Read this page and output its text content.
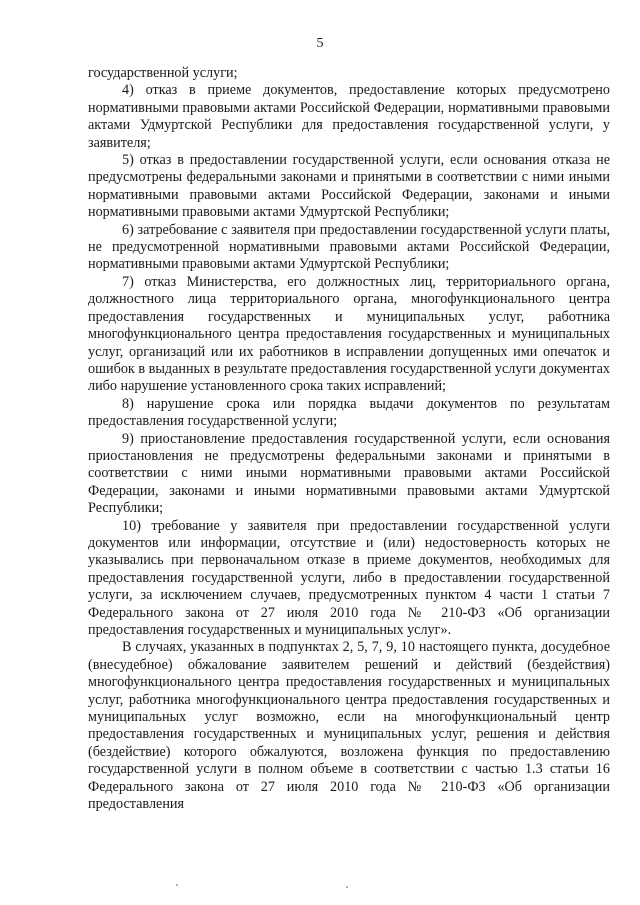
5

государственной услуги;

4) отказ в приеме документов, предоставление которых предусмотрено нормативными правовыми актами Российской Федерации, нормативными правовыми актами Удмуртской Республики для предоставления государственной услуги, у заявителя;

5) отказ в предоставлении государственной услуги, если основания отказа не предусмотрены федеральными законами и принятыми в соответствии с ними иными нормативными правовыми актами Российской Федерации, законами и иными нормативными правовыми актами Удмуртской Республики;

6) затребование с заявителя при предоставлении государственной услуги платы, не предусмотренной нормативными правовыми актами Российской Федерации, нормативными правовыми актами Удмуртской Республики;

7) отказ Министерства, его должностных лиц, территориального органа, должностного лица территориального органа, многофункционального центра предоставления государственных и муниципальных услуг, работника многофункционального центра предоставления государственных и муниципальных услуг, организаций или их работников в исправлении допущенных ими опечаток и ошибок в выданных в результате предоставления государственной услуги документах либо нарушение установленного срока таких исправлений;

8) нарушение срока или порядка выдачи документов по результатам предоставления государственной услуги;

9) приостановление предоставления государственной услуги, если основания приостановления не предусмотрены федеральными законами и принятыми в соответствии с ними иными нормативными правовыми актами Российской Федерации, законами и иными нормативными правовыми актами Удмуртской Республики;

10) требование у заявителя при предоставлении государственной услуги документов или информации, отсутствие и (или) недостоверность которых не указывались при первоначальном отказе в приеме документов, необходимых для предоставления государственной услуги, либо в предоставлении государственной услуги, за исключением случаев, предусмотренных пунктом 4 части 1 статьи 7 Федерального закона от 27 июля 2010 года № 210-ФЗ «Об организации предоставления государственных и муниципальных услуг».

В случаях, указанных в подпунктах 2, 5, 7, 9, 10 настоящего пункта, досудебное (внесудебное) обжалование заявителем решений и действий (бездействия) многофункционального центра предоставления государственных и муниципальных услуг, работника многофункционального центра предоставления государственных и муниципальных услуг возможно, если на многофункциональный центр предоставления государственных и муниципальных услуг, решения и действия (бездействие) которого обжалуются, возложена функция по предоставлению государственной услуги в полном объеме в соответствии с частью 1.3 статьи 16 Федерального закона от 27 июля 2010 года № 210-ФЗ «Об организации предоставления
